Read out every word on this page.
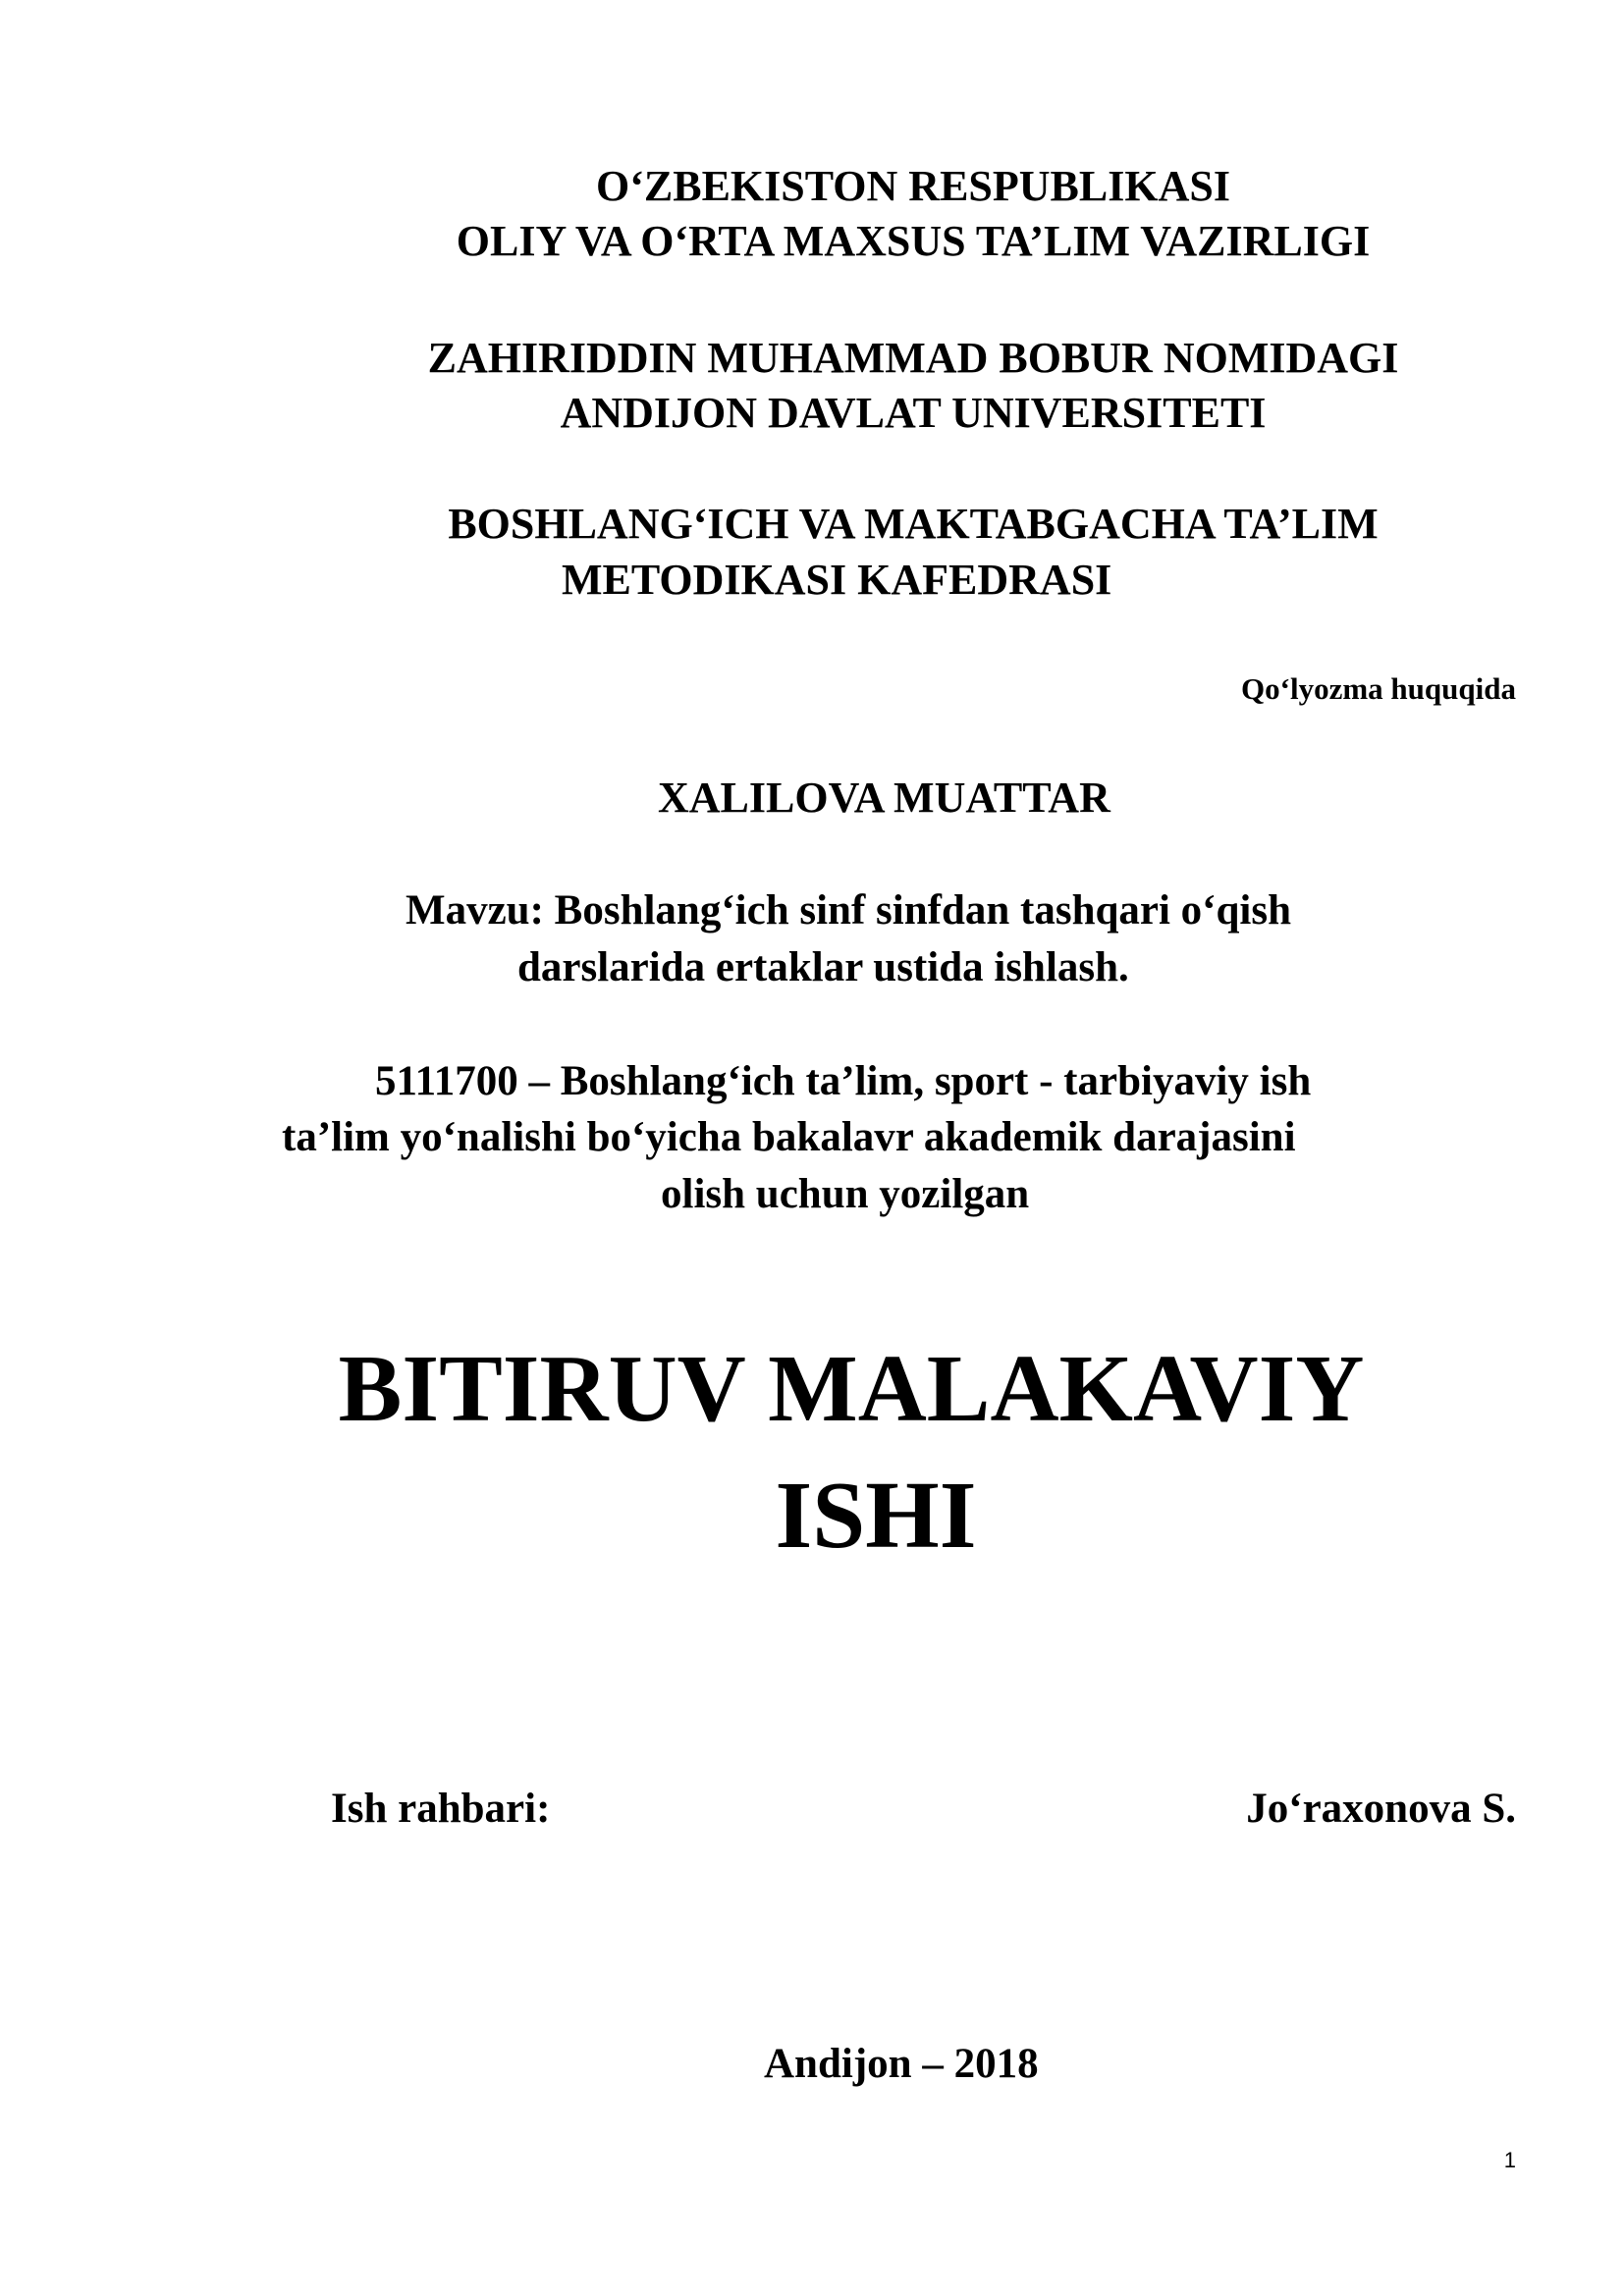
O‘ZBEKISTON RESPUBLIKASI
OLIY VA O‘RTA MAXSUS TA’LIM VAZIRLIGI
ZAHIRIDDIN MUHAMMAD BOBUR NOMIDAGI
ANDIJON DAVLAT UNIVERSITETI
BOSHLANG‘ICH VA MAKTABGACHA TA’LIM
METODIKASI KAFEDRASI
Qo‘lyozma huquqida
XALILOVA MUATTAR
Mavzu: Boshlang‘ich sinf sinfdan tashqari o‘qish
darslarida ertaklar ustida ishlash.
5111700 – Boshlang‘ich ta’lim, sport - tarbiyaviy ish
ta’lim yo‘nalishi bo‘yicha bakalavr akademik darajasini
olish uchun yozilgan
BITIRUV MALAKAVIY
ISHI
Ish rahbari:	Jo‘raxonova S.
Andijon – 2018
1
